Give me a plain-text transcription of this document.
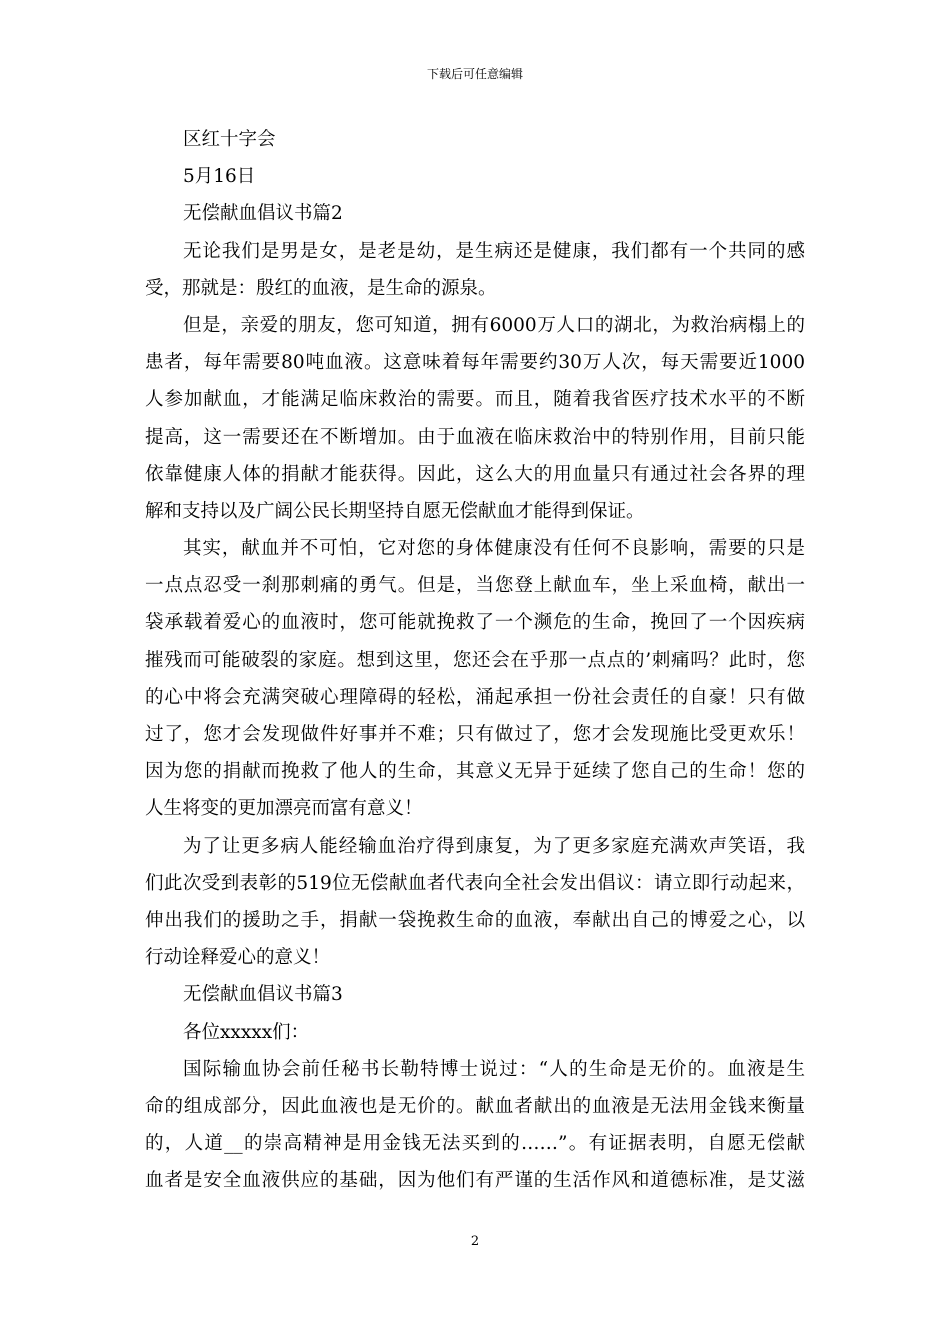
下载后可任意编辑
区红十字会
5月16日
无偿献血倡议书篇2
无论我们是男是女，是老是幼，是生病还是健康，我们都有一个共同的感
受，那就是：殷红的血液，是生命的源泉。
但是，亲爱的朋友，您可知道，拥有6000万人口的湖北，为救治病榻上的
患者，每年需要80吨血液。这意味着每年需要约30万人次，每天需要近1000
人参加献血，才能满足临床救治的需要。而且，随着我省医疗技术水平的不断
提高，这一需要还在不断增加。由于血液在临床救治中的特别作用，目前只能
依靠健康人体的捐献才能获得。因此，这么大的用血量只有通过社会各界的理
解和支持以及广阔公民长期坚持自愿无偿献血才能得到保证。
其实，献血并不可怕，它对您的身体健康没有任何不良影响，需要的只是
一点点忍受一刹那刺痛的勇气。但是，当您登上献血车，坐上采血椅，献出一
袋承载着爱心的血液时，您可能就挽救了一个濒危的生命，挽回了一个因疾病
摧残而可能破裂的家庭。想到这里，您还会在乎那一点点的’刺痛吗？此时，您
的心中将会充满突破心理障碍的轻松，涌起承担一份社会责任的自豪！只有做
过了，您才会发现做件好事并不难；只有做过了，您才会发现施比受更欢乐！
因为您的捐献而挽救了他人的生命，其意义无异于延续了您自己的生命！您的
人生将变的更加漂亮而富有意义！
为了让更多病人能经输血治疗得到康复，为了更多家庭充满欢声笑语，我
们此次受到表彰的519位无偿献血者代表向全社会发出倡议：请立即行动起来，
伸出我们的援助之手，捐献一袋挽救生命的血液，奉献出自己的博爱之心，以
行动诠释爱心的意义！
无偿献血倡议书篇3
各位xxxxx们：
国际输血协会前任秘书长勒特博士说过：“人的生命是无价的。血液是生
命的组成部分，因此血液也是无价的。献血者献出的血液是无法用金钱来衡量
的，人道__的崇高精神是用金钱无法买到的……”。有证据表明，自愿无偿献
血者是安全血液供应的基础，因为他们有严谨的生活作风和道德标准，是艾滋
2
